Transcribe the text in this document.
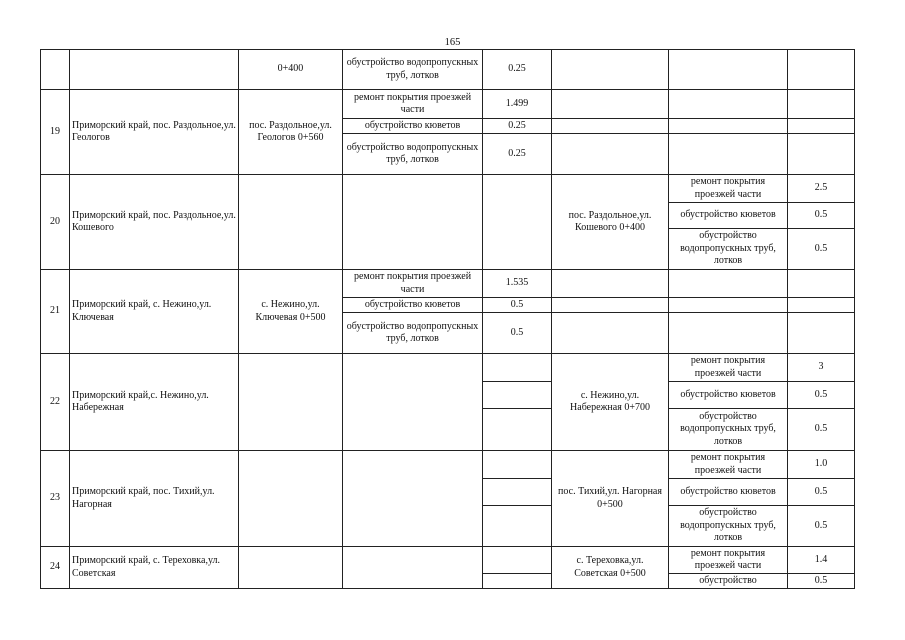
165
		0+400	обустройство водопропускных труб, лотков	0.25			
19	Приморский край, пос. Раздольное,ул. Геологов	пос. Раздольное,ул. Геологов 0+560	ремонт покрытия проезжей части	1.499			
			обустройство кюветов	0.25			
			обустройство водопропускных труб, лотков	0.25			
20	Приморский край, пос. Раздольное,ул. Кошевого				пос. Раздольное,ул. Кошевого 0+400	ремонт покрытия проезжей части	2.5
						обустройство кюветов	0.5
						обустройство водопропускных труб, лотков	0.5
21	Приморский край, с. Нежино,ул. Ключевая	с. Нежино,ул. Ключевая 0+500	ремонт покрытия проезжей части	1.535			
			обустройство кюветов	0.5			
			обустройство водопропускных труб, лотков	0.5			
22	Приморский край,с. Нежино,ул. Набережная				с. Нежино,ул. Набережная 0+700	ремонт покрытия проезжей части	3
						обустройство кюветов	0.5
						обустройство водопропускных труб, лотков	0.5
23	Приморский край, пос. Тихий,ул. Нагорная				пос. Тихий,ул. Нагорная 0+500	ремонт покрытия проезжей части	1.0
						обустройство кюветов	0.5
						обустройство водопропускных труб, лотков	0.5
24	Приморский край, с. Тереховка,ул. Советская				с. Тереховка,ул. Советская 0+500	ремонт покрытия проезжей части	1.4
						обустройство	0.5
